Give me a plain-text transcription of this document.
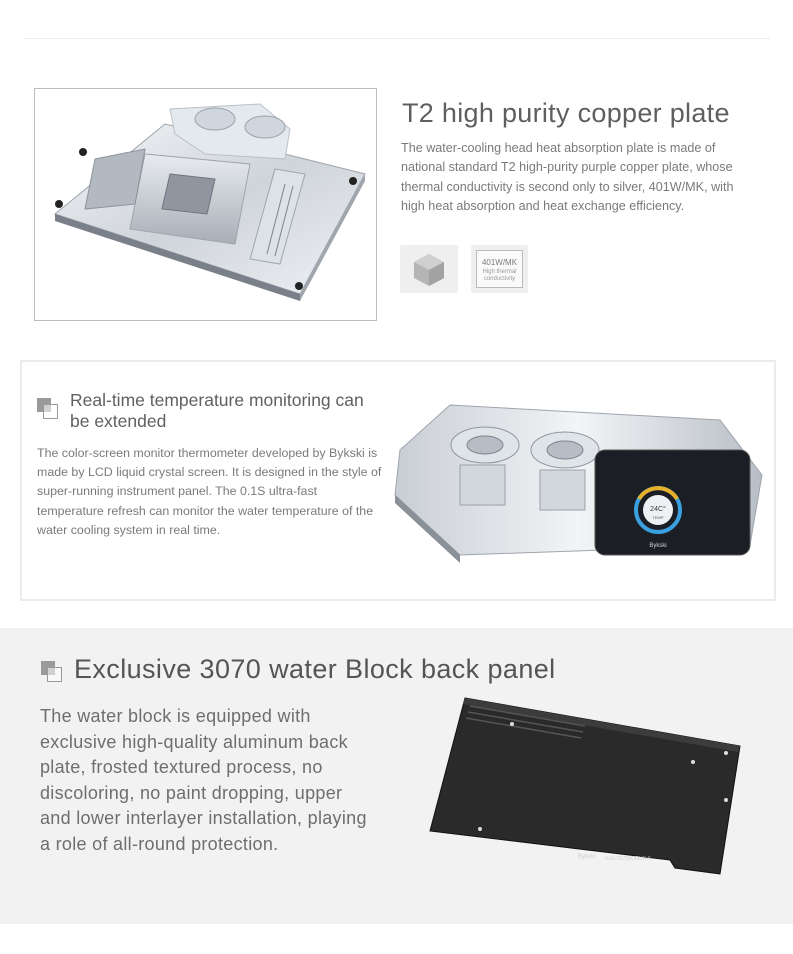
T2 high purity copper plate
The water-cooling head heat absorption plate is made of national standard T2 high-purity purple copper plate, whose thermal conductivity is second only to silver, 401W/MK, with high heat absorption and heat exchange efficiency.
401W/MK
High thermal conductivity
Real-time temperature monitoring can be extended
The color-screen monitor thermometer developed by Bykski is made by LCD liquid crystal screen. It is designed in the style of super-running instrument panel. The 0.1S ultra-fast temperature refresh can monitor the water temperature of the water cooling system in real time.
24C°
TEMP
Bykski
Exclusive 3070 water Block back panel
The water block is equipped with exclusive high-quality aluminum back plate, frosted textured process, no discoloring, no paint dropping, upper and lower interlayer installation, playing a role of all-round protection.
Bykski N-EV3070AORUS-X
